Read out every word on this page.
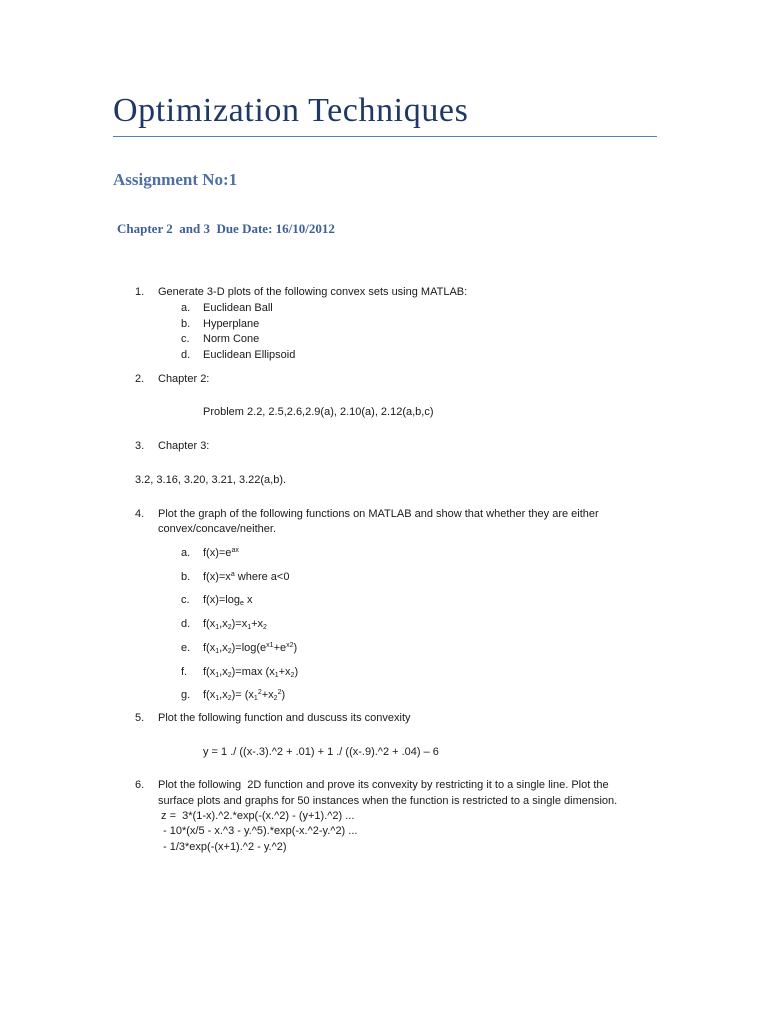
Optimization Techniques
Assignment No:1
Chapter 2  and 3  Due Date: 16/10/2012
1. Generate 3-D plots of the following convex sets using MATLAB:
a. Euclidean Ball
b. Hyperplane
c. Norm Cone
d. Euclidean Ellipsoid
2. Chapter 2:
Problem 2.2, 2.5,2.6,2.9(a), 2.10(a), 2.12(a,b,c)
3. Chapter 3:
3.2, 3.16, 3.20, 3.21, 3.22(a,b).
4. Plot the graph of the following functions on MATLAB and show that whether they are either
convex/concave/neither.
a. $f(x)=e^{ax}$
b. $f(x)=x^a$ where a<0
c. $f(x)=\log_e$ x
d. $f(x_1,x_2)=x_1+x_2$
e. $f(x_1,x_2)=\log(e^{x1}+e^{x2})$
f. $f(x_1,x_2)=\max$ $(x_1+x_2)$
g. $f(x_1,x_2)= (x_1^2+x_2^2)$
5. Plot the following function and duscuss its convexity
y = 1 ./ ((x-.3).^2 + .01) + 1 ./ ((x-.9).^2 + .04) – 6
6. Plot the following  2D function and prove its convexity by restricting it to a single line. Plot the
surface plots and graphs for 50 instances when the function is restricted to a single dimension.
z =  3*(1-x).^2.*exp(-(x.^2) - (y+1).^2) ...
- 10*(x/5 - x.^3 - y.^5).*exp(-x.^2-y.^2) ...
- 1/3*exp(-(x+1).^2 - y.^2)
